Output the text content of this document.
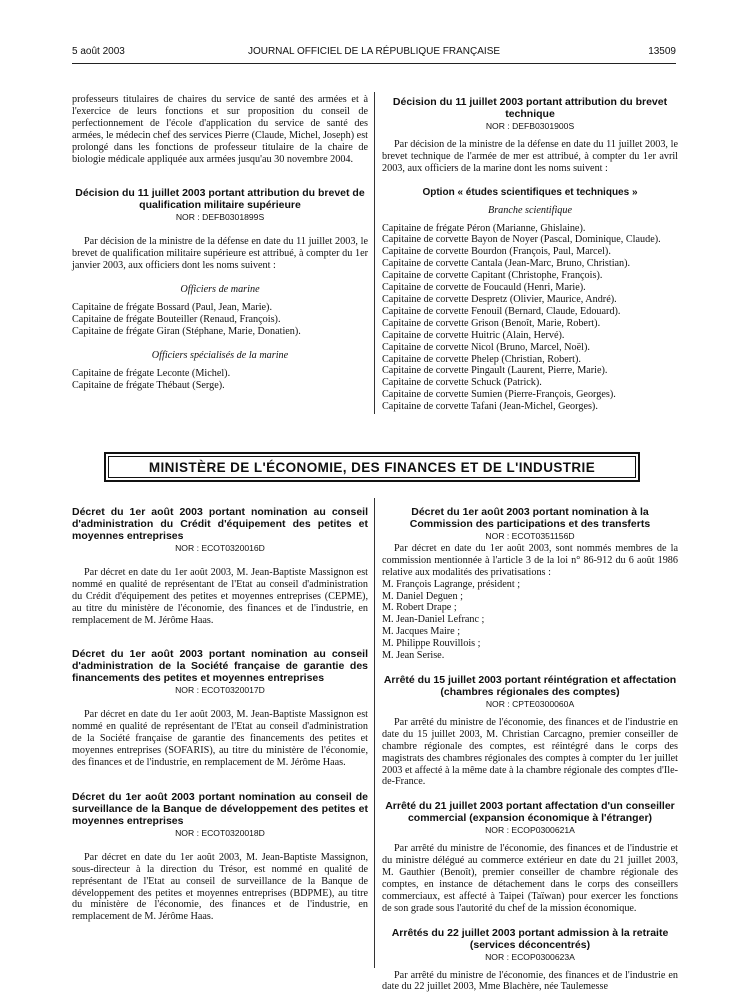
5 août 2003	JOURNAL OFFICIEL DE LA RÉPUBLIQUE FRANÇAISE	13509

professeurs titulaires de chaires du service de santé des armées et à l'exercice de leurs fonctions et sur proposition du conseil de perfectionnement de l'école d'application du service de santé des armées, le médecin chef des services Pierre (Claude, Michel, Joseph) est prolongé dans les fonctions de professeur titulaire de la chaire de biologie médicale appliquée aux armées jusqu'au 30 novembre 2004.

Décision du 11 juillet 2003 portant attribution du brevet de qualification militaire supérieure

NOR : DEFB0301899S

Par décision de la ministre de la défense en date du 11 juillet 2003, le brevet de qualification militaire supérieure est attribué, à compter du 1er janvier 2003, aux officiers dont les noms suivent :

Officiers de marine

Capitaine de frégate Bossard (Paul, Jean, Marie).
Capitaine de frégate Bouteiller (Renaud, François).
Capitaine de frégate Giran (Stéphane, Marie, Donatien).

Officiers spécialisés de la marine

Capitaine de frégate Leconte (Michel).
Capitaine de frégate Thébaut (Serge).

Décision du 11 juillet 2003 portant attribution du brevet technique

NOR : DEFB0301900S

Par décision de la ministre de la défense en date du 11 juillet 2003, le brevet technique de l'armée de mer est attribué, à compter du 1er avril 2003, aux officiers de la marine dont les noms suivent :

Option « études scientifiques et techniques »

Branche scientifique

Capitaine de frégate Péron (Marianne, Ghislaine).
Capitaine de corvette Bayon de Noyer (Pascal, Dominique, Claude).
Capitaine de corvette Bourdon (François, Paul, Marcel).
Capitaine de corvette Cantala (Jean-Marc, Bruno, Christian).
Capitaine de corvette Capitant (Christophe, François).
Capitaine de corvette de Foucauld (Henri, Marie).
Capitaine de corvette Despretz (Olivier, Maurice, André).
Capitaine de corvette Fenouil (Bernard, Claude, Edouard).
Capitaine de corvette Grison (Benoît, Marie, Robert).
Capitaine de corvette Huitric (Alain, Hervé).
Capitaine de corvette Nicol (Bruno, Marcel, Noël).
Capitaine de corvette Phelep (Christian, Robert).
Capitaine de corvette Pingault (Laurent, Pierre, Marie).
Capitaine de corvette Schuck (Patrick).
Capitaine de corvette Sumien (Pierre-François, Georges).
Capitaine de corvette Tafani (Jean-Michel, Georges).
MINISTÈRE DE L'ÉCONOMIE, DES FINANCES ET DE L'INDUSTRIE

Décret du 1er août 2003 portant nomination au conseil d'administration du Crédit d'équipement des petites et moyennes entreprises

NOR : ECOT0320016D

Par décret en date du 1er août 2003, M. Jean-Baptiste Massignon est nommé en qualité de représentant de l'Etat au conseil d'administration du Crédit d'équipement des petites et moyennes entreprises (CEPME), au titre du ministère de l'économie, des finances et de l'industrie, en remplacement de M. Jérôme Haas.

Décret du 1er août 2003 portant nomination au conseil d'administration de la Société française de garantie des financements des petites et moyennes entreprises

NOR : ECOT0320017D

Par décret en date du 1er août 2003, M. Jean-Baptiste Massignon est nommé en qualité de représentant de l'Etat au conseil d'administration de la Société française de garantie des financements des petites et moyennes entreprises (SOFARIS), au titre du ministère de l'économie, des finances et de l'industrie, en remplacement de M. Jérôme Haas.

Décret du 1er août 2003 portant nomination au conseil de surveillance de la Banque de développement des petites et moyennes entreprises

NOR : ECOT0320018D

Par décret en date du 1er août 2003, M. Jean-Baptiste Massignon, sous-directeur à la direction du Trésor, est nommé en qualité de représentant de l'Etat au conseil de surveillance de la Banque de développement des petites et moyennes entreprises (BDPME), au titre du ministère de l'économie, des finances et de l'industrie, en remplacement de M. Jérôme Haas.

Décret du 1er août 2003 portant nomination à la Commission des participations et des transferts

NOR : ECOT0351156D

Par décret en date du 1er août 2003, sont nommés membres de la commission mentionnée à l'article 3 de la loi n° 86-912 du 6 août 1986 relative aux modalités des privatisations :

M. François Lagrange, président ;
M. Daniel Deguen ;
M. Robert Drape ;
M. Jean-Daniel Lefranc ;
M. Jacques Maire ;
M. Philippe Rouvillois ;
M. Jean Serise.

Arrêté du 15 juillet 2003 portant réintégration et affectation (chambres régionales des comptes)

NOR : CPTE0300060A

Par arrêté du ministre de l'économie, des finances et de l'industrie en date du 15 juillet 2003, M. Christian Carcagno, premier conseiller de chambre régionale des comptes, est réintégré dans le corps des magistrats des chambres régionales des comptes à compter du 1er juillet 2003 et affecté à la même date à la chambre régionale des comptes d'Ile-de-France.

Arrêté du 21 juillet 2003 portant affectation d'un conseiller commercial (expansion économique à l'étranger)

NOR : ECOP0300621A

Par arrêté du ministre de l'économie, des finances et de l'industrie et du ministre délégué au commerce extérieur en date du 21 juillet 2003, M. Gauthier (Benoît), premier conseiller de chambre régionale des comptes, en instance de détachement dans le corps des conseillers commerciaux, est affecté à Taipei (Taïwan) pour exercer les fonctions de son grade sous l'autorité du chef de la mission économique.

Arrêtés du 22 juillet 2003 portant admission à la retraite (services déconcentrés)

NOR : ECOP0300623A

Par arrêté du ministre de l'économie, des finances et de l'industrie en date du 22 juillet 2003, Mme Blachère, née Taulemesse
